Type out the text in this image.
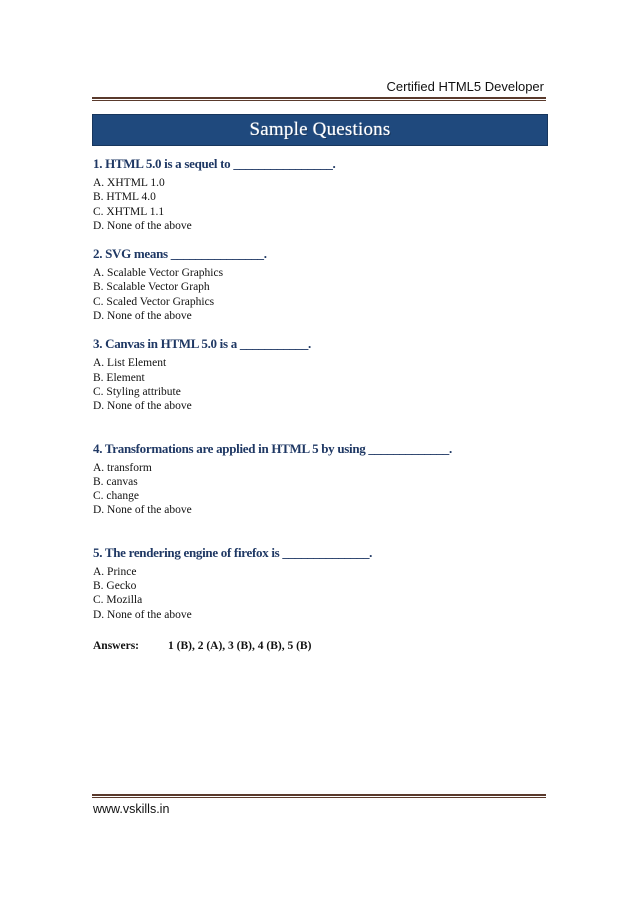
Certified HTML5 Developer
Sample Questions

1. HTML 5.0 is a sequel to ________________.

A. XHTML 1.0

B. HTML 4.0

C. XHTML 1.1

D. None of the above

2. SVG means _______________.

A. Scalable Vector Graphics

B. Scalable Vector Graph

C. Scaled Vector Graphics

D. None of the above

3. Canvas in HTML 5.0 is a ___________.

A. List Element

B. Element

C. Styling attribute

D. None of the above

4. Transformations are applied in HTML 5 by using _____________.

A. transform

B. canvas

C. change

D. None of the above

5. The rendering engine of firefox is ______________.

A. Prince

B. Gecko

C. Mozilla

D. None of the above

Answers:	1 (B), 2 (A), 3 (B), 4 (B), 5 (B)
www.vskills.in
